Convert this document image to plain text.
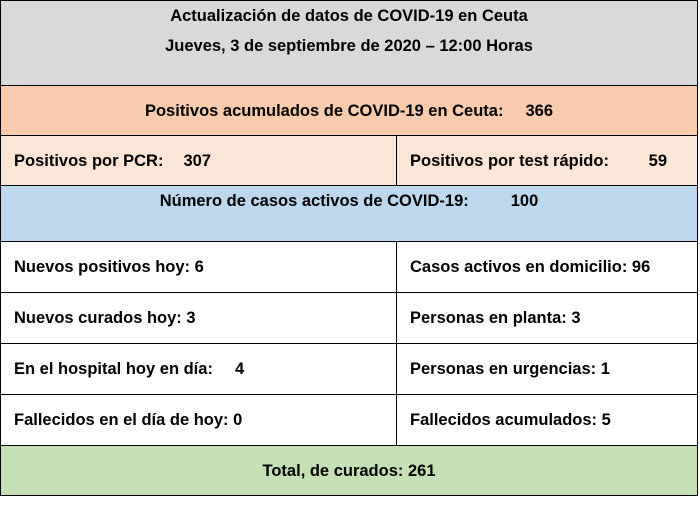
Actualización de datos de COVID-19 en Ceuta
Jueves, 3 de septiembre de 2020 – 12:00 Horas
Positivos acumulados de COVID-19 en Ceuta: 366
Positivos por PCR: 307	Positivos por test rápido: 59
Número de casos activos de COVID-19:	100
Nuevos positivos hoy: 6	Casos activos en domicilio: 96
Nuevos curados hoy: 3	Personas en planta: 3
En el hospital hoy en día: 4	Personas en urgencias: 1
Fallecidos en el día de hoy: 0	Fallecidos acumulados: 5
Total, de curados: 261
